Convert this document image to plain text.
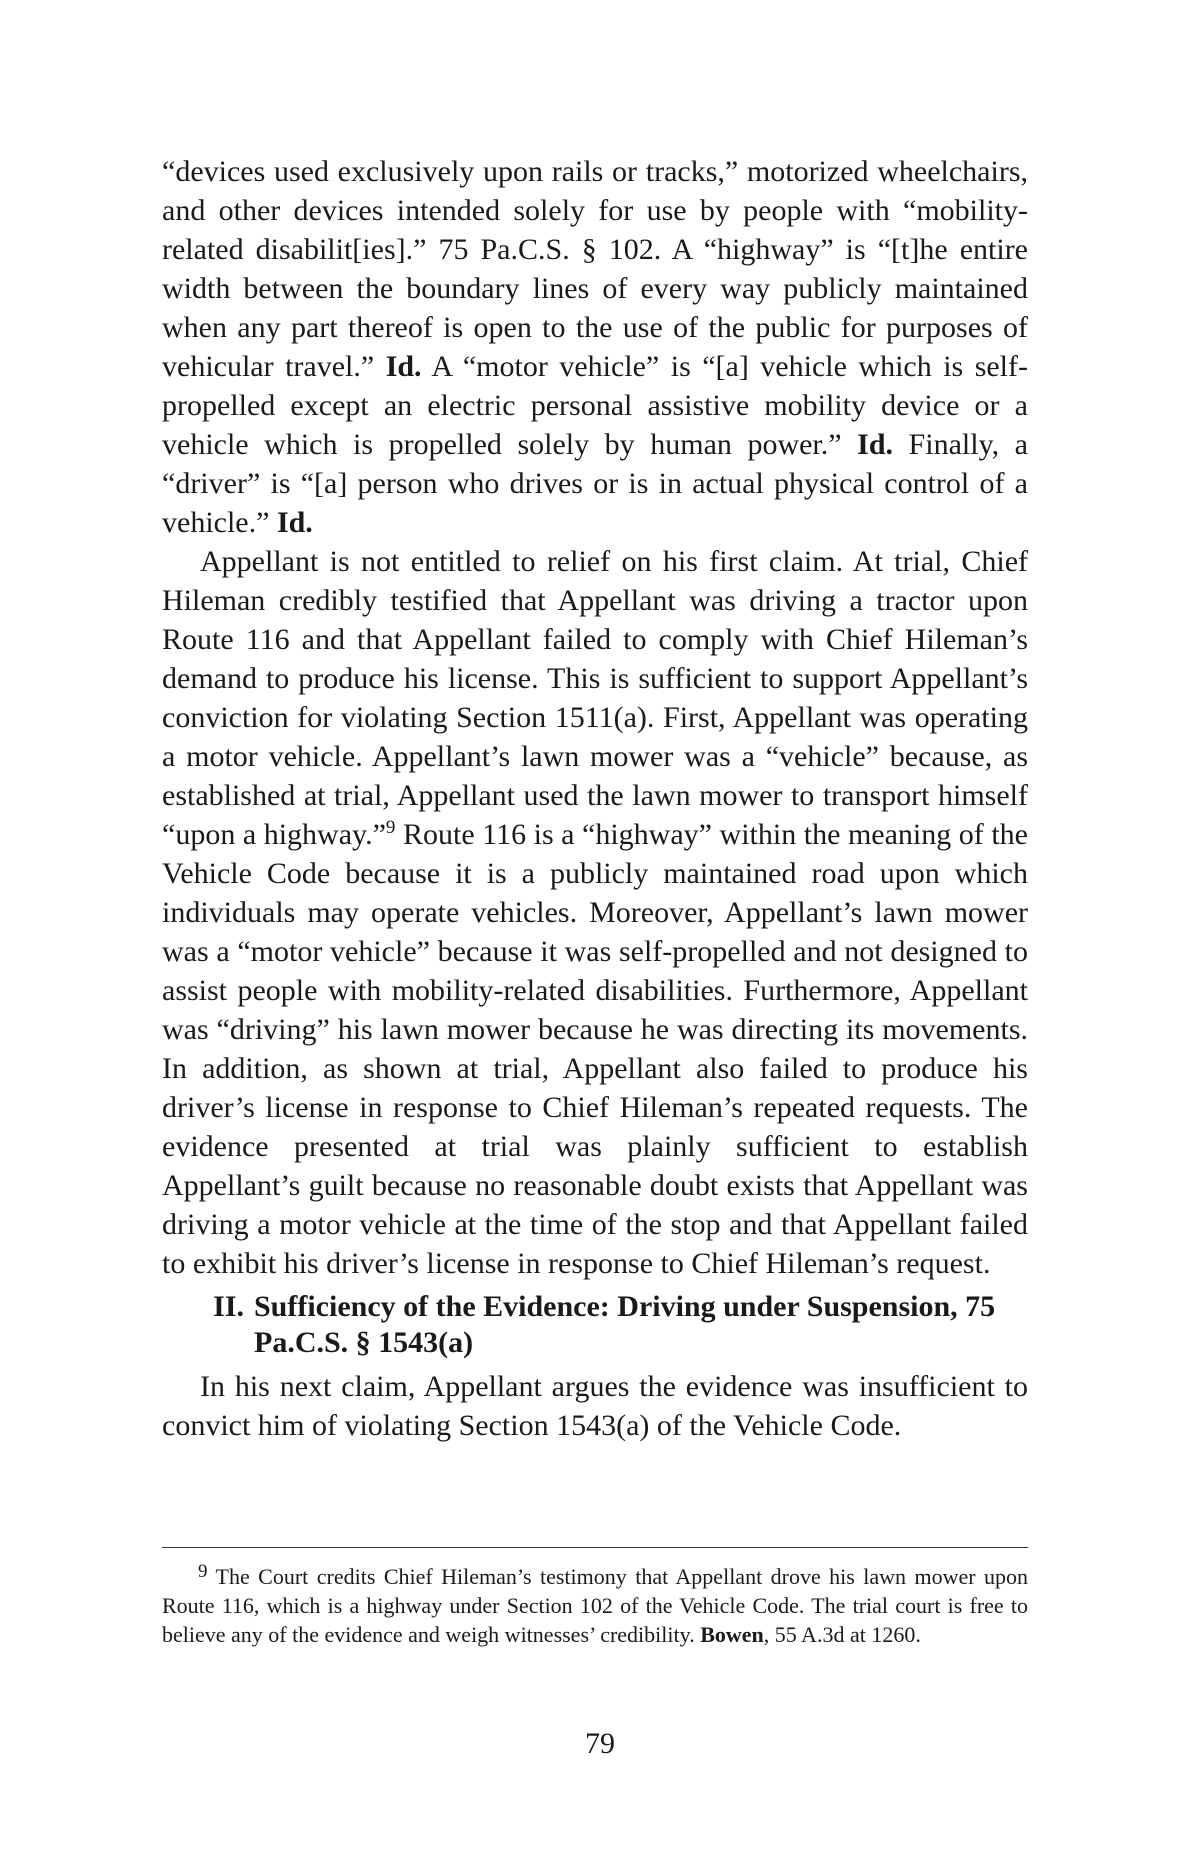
“devices used exclusively upon rails or tracks,” motorized wheelchairs, and other devices intended solely for use by people with “mobility-related disabilit[ies].” 75 Pa.C.S. § 102. A “highway” is “[t]he entire width between the boundary lines of every way publicly maintained when any part thereof is open to the use of the public for purposes of vehicular travel.” Id. A “motor vehicle” is “[a] vehicle which is self-propelled except an electric personal assistive mobility device or a vehicle which is propelled solely by human power.” Id. Finally, a “driver” is “[a] person who drives or is in actual physical control of a vehicle.” Id.

Appellant is not entitled to relief on his first claim. At trial, Chief Hileman credibly testified that Appellant was driving a tractor upon Route 116 and that Appellant failed to comply with Chief Hileman’s demand to produce his license. This is sufficient to support Appellant’s conviction for violating Section 1511(a). First, Appellant was operating a motor vehicle. Appellant’s lawn mower was a “vehicle” because, as established at trial, Appellant used the lawn mower to transport himself “upon a highway.”$^9$ Route 116 is a “highway” within the meaning of the Vehicle Code because it is a publicly maintained road upon which individuals may operate vehicles. Moreover, Appellant’s lawn mower was a “motor vehicle” because it was self-propelled and not designed to assist people with mobility-related disabilities. Furthermore, Appellant was “driving” his lawn mower because he was directing its movements. In addition, as shown at trial, Appellant also failed to produce his driver’s license in response to Chief Hileman’s repeated requests. The evidence presented at trial was plainly sufficient to establish Appellant’s guilt because no reasonable doubt exists that Appellant was driving a motor vehicle at the time of the stop and that Appellant failed to exhibit his driver’s license in response to Chief Hileman’s request.

II. Sufficiency of the Evidence: Driving under Suspension, 75 Pa.C.S. § 1543(a)

In his next claim, Appellant argues the evidence was insufficient to convict him of violating Section 1543(a) of the Vehicle Code.

$^9$ The Court credits Chief Hileman’s testimony that Appellant drove his lawn mower upon Route 116, which is a highway under Section 102 of the Vehicle Code. The trial court is free to believe any of the evidence and weigh witnesses’ credibility. Bowen, 55 A.3d at 1260.

79
